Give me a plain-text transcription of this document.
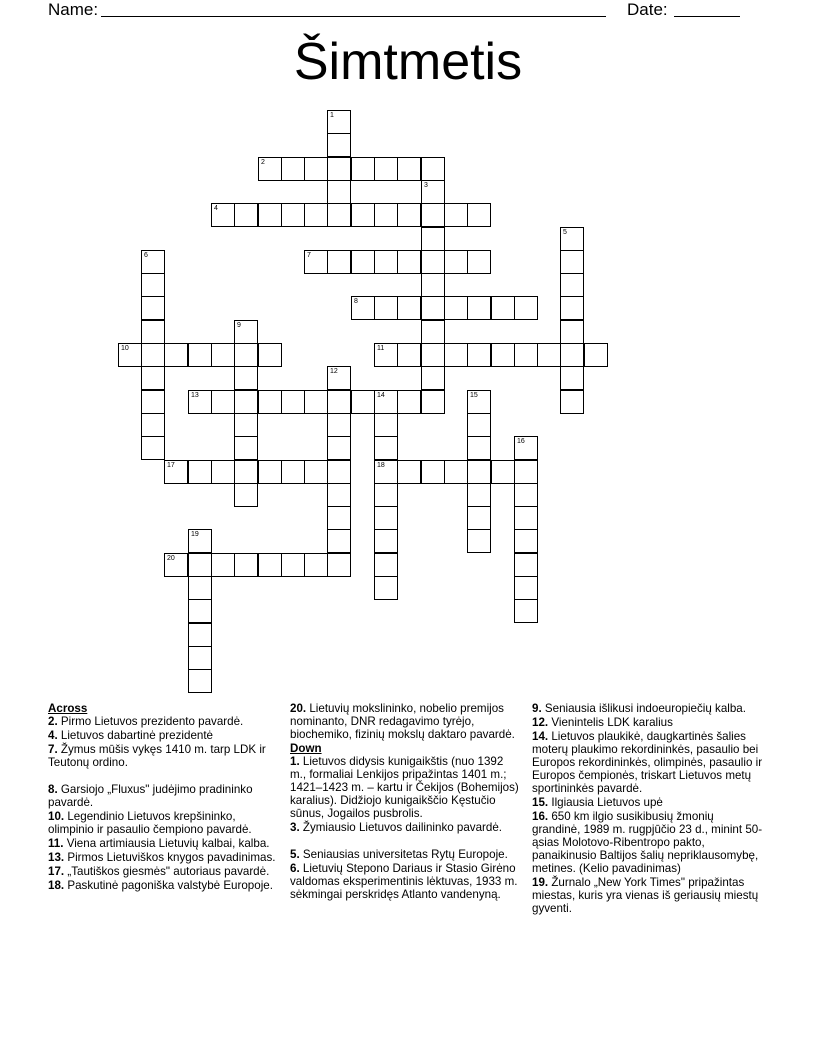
Name:	Date:
Šimtmetis
1
2
3
4
5
6	7
8
9
10	11
12
13	14
18
15
16
17
19
20
Across
2. Pirmo Lietuvos prezidento pavardė.
4. Lietuvos dabartinė prezidentė
7. Žymus mūšis vykęs 1410 m. tarp LDK ir Teutonų ordino.
8. Garsiojo „Fluxus" judėjimo pradininko pavardė.
10. Legendinio Lietuvos krepšininko, olimpinio ir pasaulio čempiono pavardė.
11. Viena artimiausia Lietuvių kalbai, kalba.
13. Pirmos Lietuviškos knygos pavadinimas.
17. „Tautiškos giesmės" autoriaus pavardė.
18. Paskutinė pagoniška valstybė Europoje.
20. Lietuvių mokslininko, nobelio premijos nominanto, DNR redagavimo tyrėjo, biochemiko, fizinių mokslų daktaro pavardė.
Down
1. Lietuvos didysis kunigaikštis (nuo 1392 m., formaliai Lenkijos pripažintas 1401 m.; 1421–1423 m. – kartu ir Čekijos (Bohemijos) karalius). Didžiojo kunigaikščio Kęstučio sūnus, Jogailos pusbrolis.
3. Žymiausio Lietuvos dailininko pavardė.
5. Seniausias universitetas Rytų Europoje.
6. Lietuvių Stepono Dariaus ir Stasio Girėno valdomas eksperimentinis lėktuvas, 1933 m. sėkmingai perskridęs Atlanto vandenyną.
9. Seniausia išlikusi indoeuropiečių kalba.
12. Vienintelis LDK karalius
14. Lietuvos plaukikė, daugkartinės šalies moterų plaukimo rekordininkės, pasaulio bei Europos rekordininkės, olimpinės, pasaulio ir Europos čempionės, triskart Lietuvos metų sportininkės pavardė.
15. Ilgiausia Lietuvos upė
16. 650 km ilgio susikibusių žmonių grandinė, 1989 m. rugpjūčio 23 d., minint 50-ąsias Molotovo-Ribentropo pakto, panaikinusio Baltijos šalių nepriklausomybę, metines. (Kelio pavadinimas)
19. Žurnalo „New York Times" pripažintas miestas, kuris yra vienas iš geriausių miestų gyventi.
